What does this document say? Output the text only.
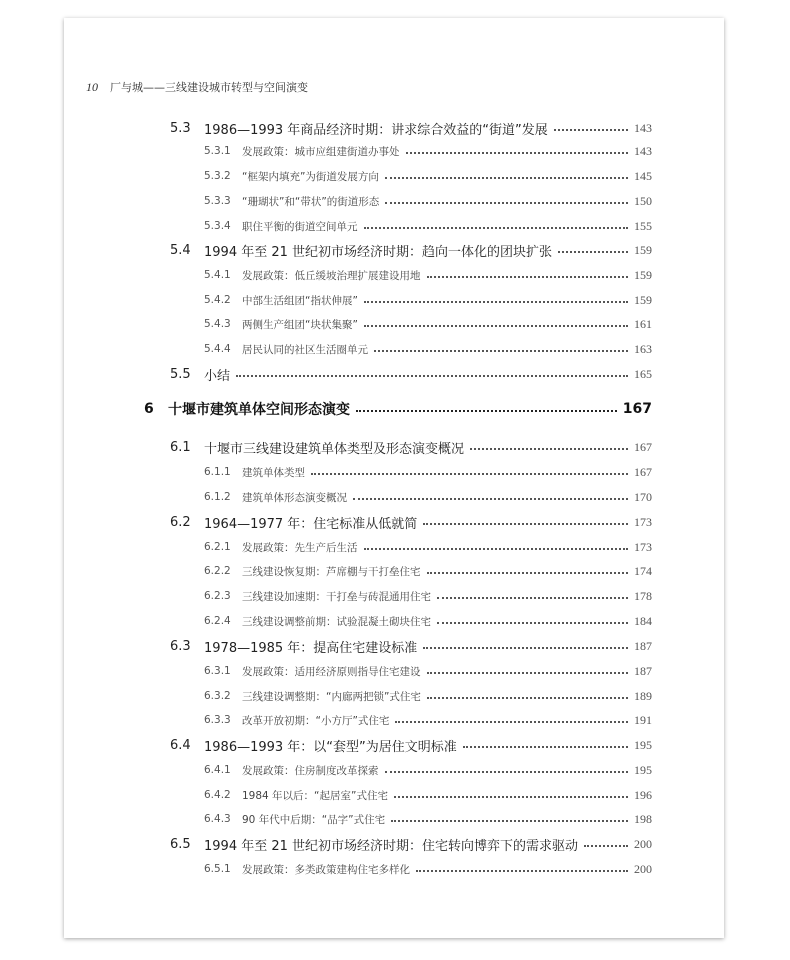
10 厂与城——三线建设城市转型与空间演变
5.3 1986—1993 年商品经济时期：讲求综合效益的“街道”发展	143
5.3.1 发展政策：城市应组建街道办事处	143
5.3.2 “框架内填充”为街道发展方向	145
5.3.3 “珊瑚状”和“带状”的街道形态	150
5.3.4 职住平衡的街道空间单元	155
5.4 1994 年至 21 世纪初市场经济时期：趋向一体化的团块扩张	159
5.4.1 发展政策：低丘缓坡治理扩展建设用地	159
5.4.2 中部生活组团“指状伸展”	159
5.4.3 两侧生产组团“块状集聚”	161
5.4.4 居民认同的社区生活圈单元	163
5.5 小结	165
6 十堰市建筑单体空间形态演变	167
6.1 十堰市三线建设建筑单体类型及形态演变概况	167
6.1.1 建筑单体类型	167
6.1.2 建筑单体形态演变概况	170
6.2 1964—1977 年：住宅标准从低就简	173
6.2.1 发展政策：先生产后生活	173
6.2.2 三线建设恢复期：芦席棚与干打垒住宅	174
6.2.3 三线建设加速期：干打垒与砖混通用住宅	178
6.2.4 三线建设调整前期：试验混凝土砌块住宅	184
6.3 1978—1985 年：提高住宅建设标准	187
6.3.1 发展政策：适用经济原则指导住宅建设	187
6.3.2 三线建设调整期：“内廊两把锁”式住宅	189
6.3.3 改革开放初期：“小方厅”式住宅	191
6.4 1986—1993 年：以“套型”为居住文明标准	195
6.4.1 发展政策：住房制度改革探索	195
6.4.2 1984 年以后：“起居室”式住宅	196
6.4.3 90 年代中后期：“品字”式住宅	198
6.5 1994 年至 21 世纪初市场经济时期：住宅转向博弈下的需求驱动	200
6.5.1 发展政策：多类政策建构住宅多样化	200
